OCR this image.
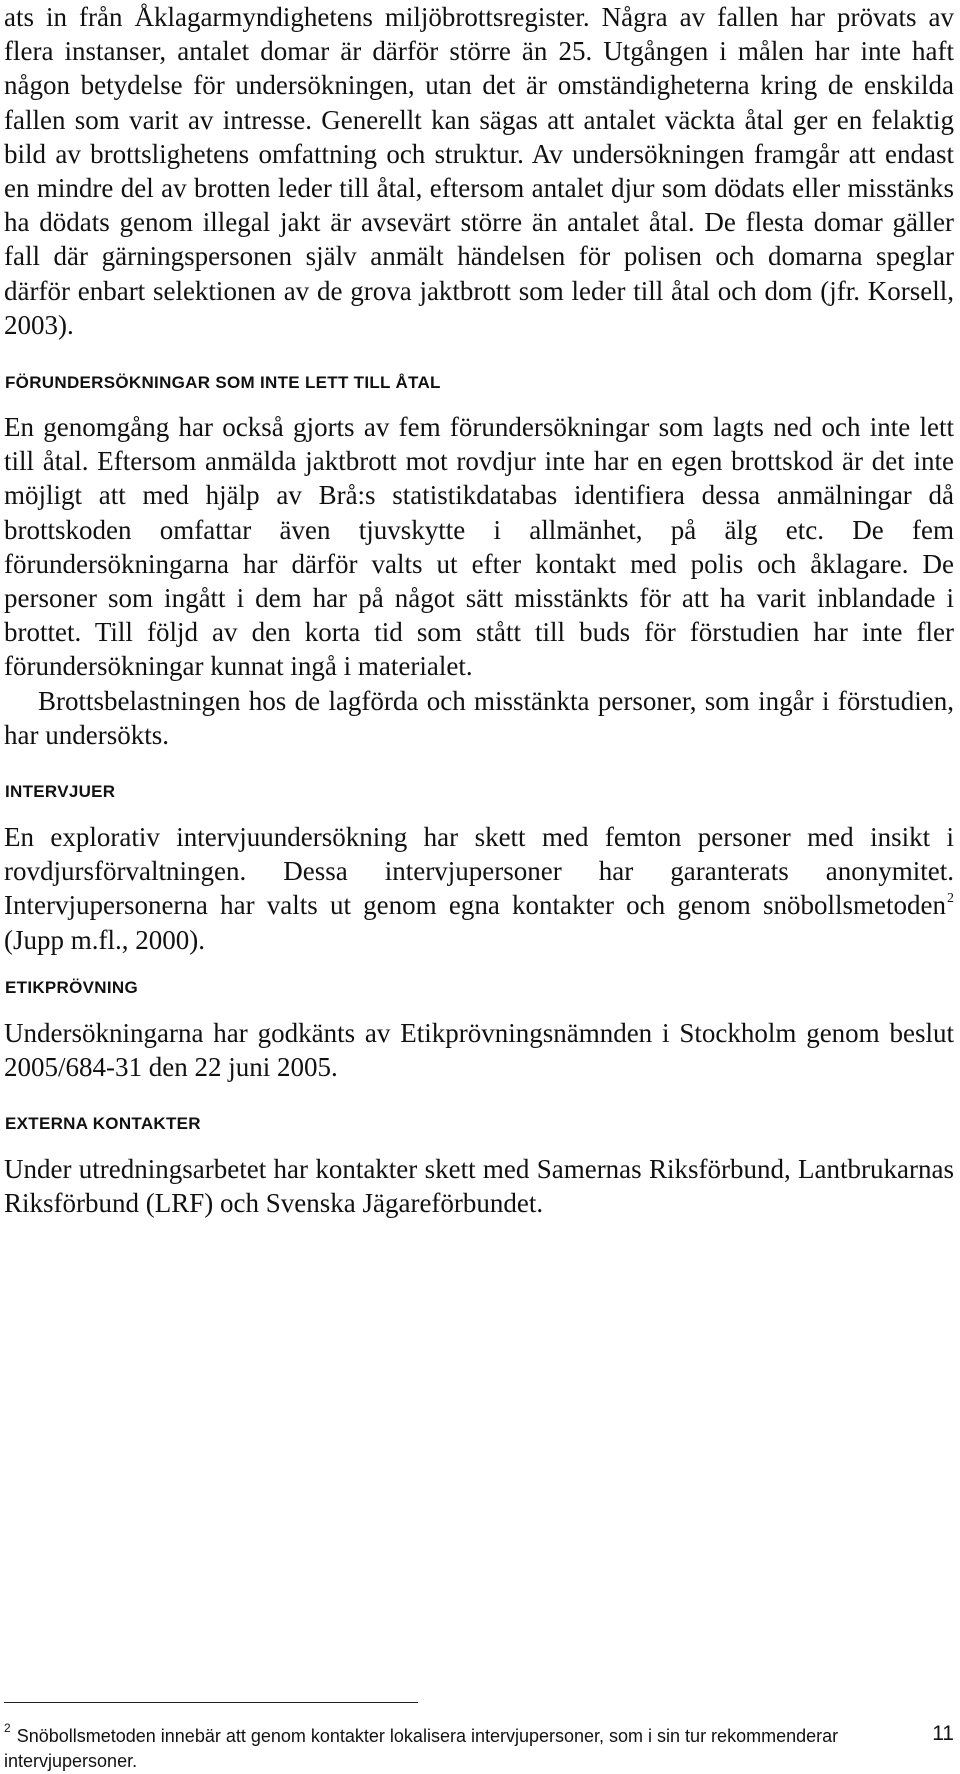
ats in från Åklagarmyndighetens miljöbrottsregister. Några av fallen har prövats av flera instanser, antalet domar är därför större än 25. Utgången i målen har inte haft någon betydelse för undersökningen, utan det är omständigheterna kring de enskilda fallen som varit av intresse. Generellt kan sägas att antalet väckta åtal ger en felaktig bild av brottslighetens omfattning och struktur. Av undersökningen framgår att endast en mindre del av brotten leder till åtal, eftersom antalet djur som dödats eller misstänks ha dödats genom illegal jakt är avsevärt större än antalet åtal. De flesta domar gäller fall där gärningspersonen själv anmält händelsen för polisen och domarna speglar därför enbart selektionen av de grova jaktbrott som leder till åtal och dom (jfr. Korsell, 2003).

FÖRUNDERSÖKNINGAR SOM INTE LETT TILL ÅTAL

En genomgång har också gjorts av fem förundersökningar som lagts ned och inte lett till åtal. Eftersom anmälda jaktbrott mot rovdjur inte har en egen brottskod är det inte möjligt att med hjälp av Brå:s statistikdatabas identifiera dessa anmälningar då brottskoden omfattar även tjuvskytte i allmänhet, på älg etc. De fem förundersökningarna har därför valts ut efter kontakt med polis och åklagare. De personer som ingått i dem har på något sätt misstänkts för att ha varit inblandade i brottet. Till följd av den korta tid som stått till buds för förstudien har inte fler förundersökningar kunnat ingå i materialet.

Brottsbelastningen hos de lagförda och misstänkta personer, som ingår i förstudien, har undersökts.

INTERVJUER

En explorativ intervjuundersökning har skett med femton personer med insikt i rovdjursförvaltningen. Dessa intervjupersoner har garanterats anonymitet. Intervjupersonerna har valts ut genom egna kontakter och genom snöbollsmetoden$^2$ (Jupp m.fl., 2000).

ETIKPRÖVNING

Undersökningarna har godkänts av Etikprövningsnämnden i Stockholm genom beslut 2005/684-31 den 22 juni 2005.

EXTERNA KONTAKTER

Under utredningsarbetet har kontakter skett med Samernas Riksförbund, Lantbrukarnas Riksförbund (LRF) och Svenska Jägareförbundet.

$^2$ Snöbollsmetoden innebär att genom kontakter lokalisera intervjupersoner, som i sin tur rekommenderar intervjupersoner.

11
